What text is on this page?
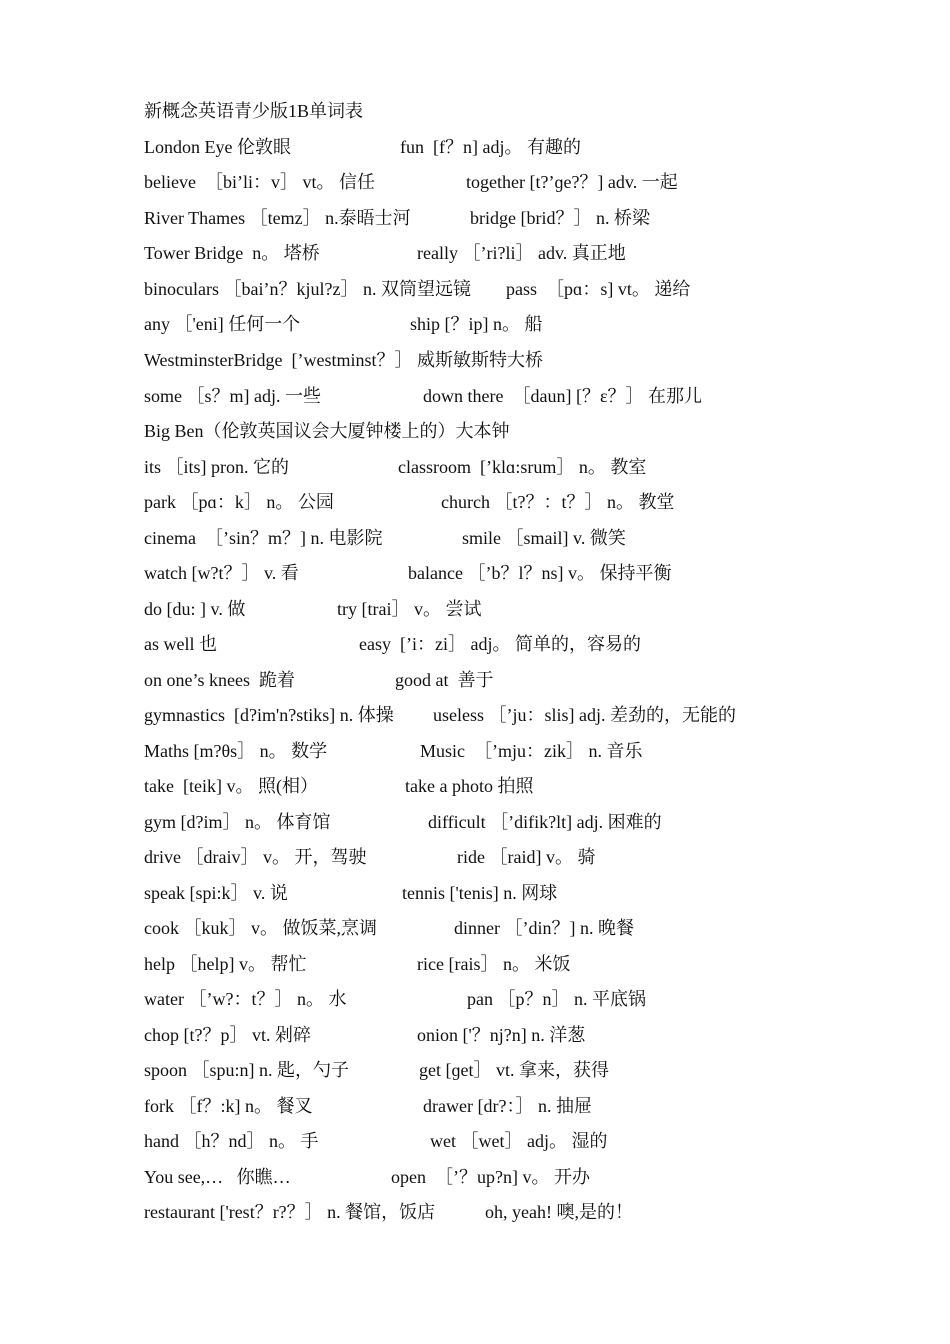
新概念英语青少版1B单词表
London Eye 伦敦眼	fun  [f？n] adj。 有趣的
believe  ［bi’li：v］ vt。 信任	together [t?’ɡe?？] adv. 一起
River Thames ［temz］ n.泰晤士河	bridge [brid？］ n. 桥梁
Tower Bridge  n。 塔桥	really ［’ri?li］ adv. 真正地
binoculars ［bai’n？kjul?z］ n. 双筒望远镜 pass  ［pɑ：s] vt。 递给
any ［'eni] 任何一个	ship [？ip] n。 船
WestminsterBridge  [’westminst？］ 威斯敏斯特大桥
some ［s？m] adj. 一些	down there  ［daun] [？ε？］ 在那儿
Big Ben（伦敦英国议会大厦钟楼上的）大本钟
its ［its] pron. 它的	classroom  [’klɑ:srum］ n。 教室
park ［pɑ：k］ n。 公园	church ［t?？：t？］ n。 教堂
cinema  ［’sin？m？] n. 电影院	smile ［smail] v. 微笑
watch [w?t？］ v. 看	balance ［’b？l？ns] v。 保持平衡
do [du: ] v. 做	try [trai］ v。 尝试
as well 也	easy  [’i：zi］ adj。 简单的，容易的
on one’s knees  跪着	good at  善于
gymnastics  [d?im'n?stiks] n. 体操 useless ［’ju：slis] adj. 差劲的，无能的
Maths [m?θs］ n。 数学	Music  ［’mju：zik］ n. 音乐
take  [teik] v。 照(相）	take a photo 拍照
gym [d?im］ n。 体育馆	difficult ［’difik?lt] adj. 困难的
drive ［draiv］ v。 开，驾驶	ride ［raid] v。 骑
speak [spi:k］ v. 说	tennis ['tenis] n. 网球
cook ［kuk］ v。 做饭菜,烹调	dinner ［’din？] n. 晚餐
help ［help] v。 帮忙	rice [rais］ n。 米饭
water ［’w?：t？］ n。 水	pan ［p？n］ n. 平底锅
chop [t?？p］ vt. 剁碎	onion ['？nj?n] n. 洋葱
spoon ［spu:n] n. 匙，勺子	get [ɡet］ vt. 拿来，获得
fork ［f？:k] n。 餐叉	drawer [dr?：］ n. 抽屉
hand ［h？nd］ n。 手	wet ［wet］ adj。 湿的
You see,…   你瞧…	open  ［’？up?n] v。 开办
restaurant ['rest？r?？］ n. 餐馆，饭店	oh, yeah! 噢,是的！
